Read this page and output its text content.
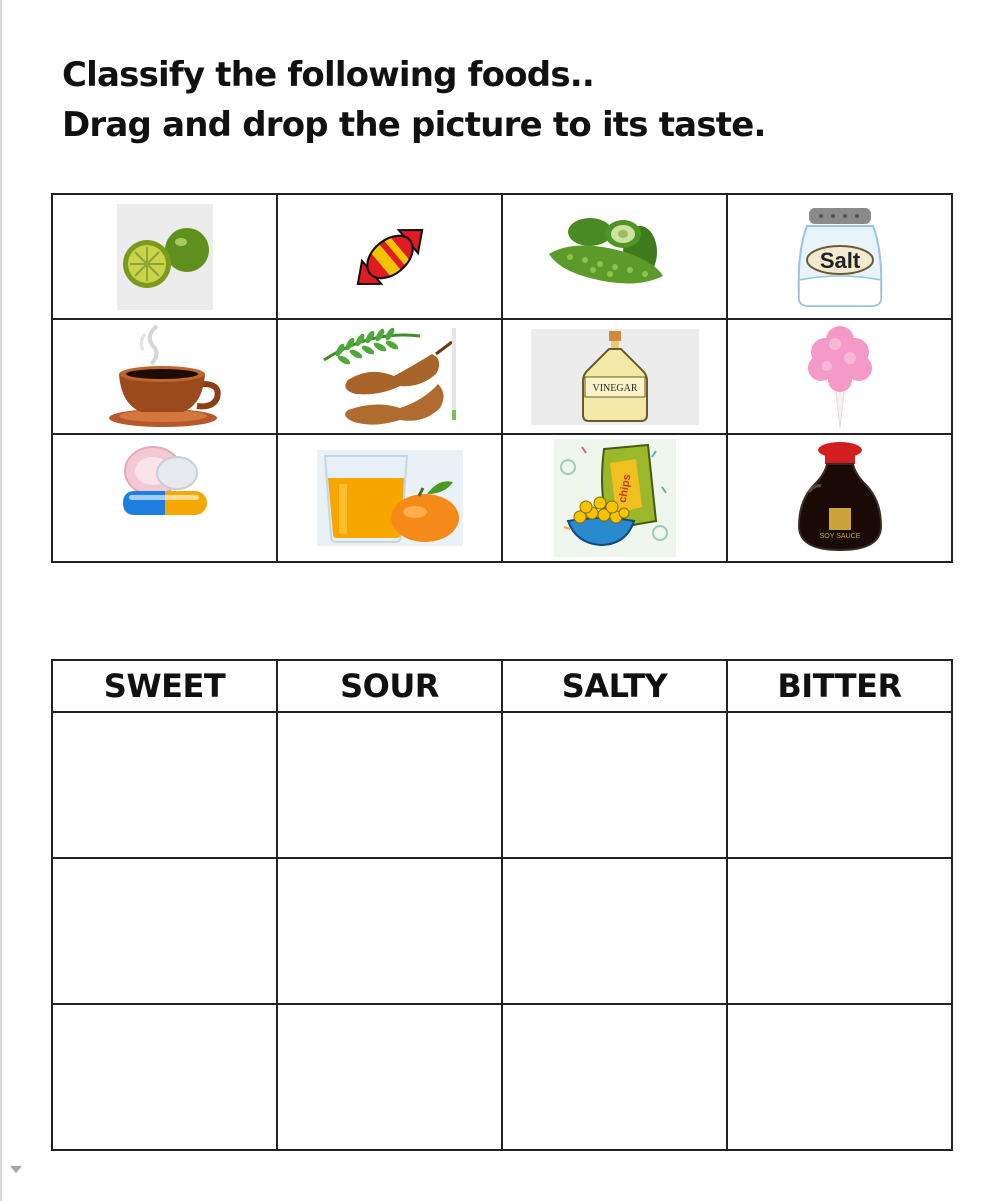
Classify the following foods..
Drag and drop the picture to its taste.

Salt

VINEGAR

chips	SOY SAUCE
SWEET	SOUR	SALTY	BITTER
